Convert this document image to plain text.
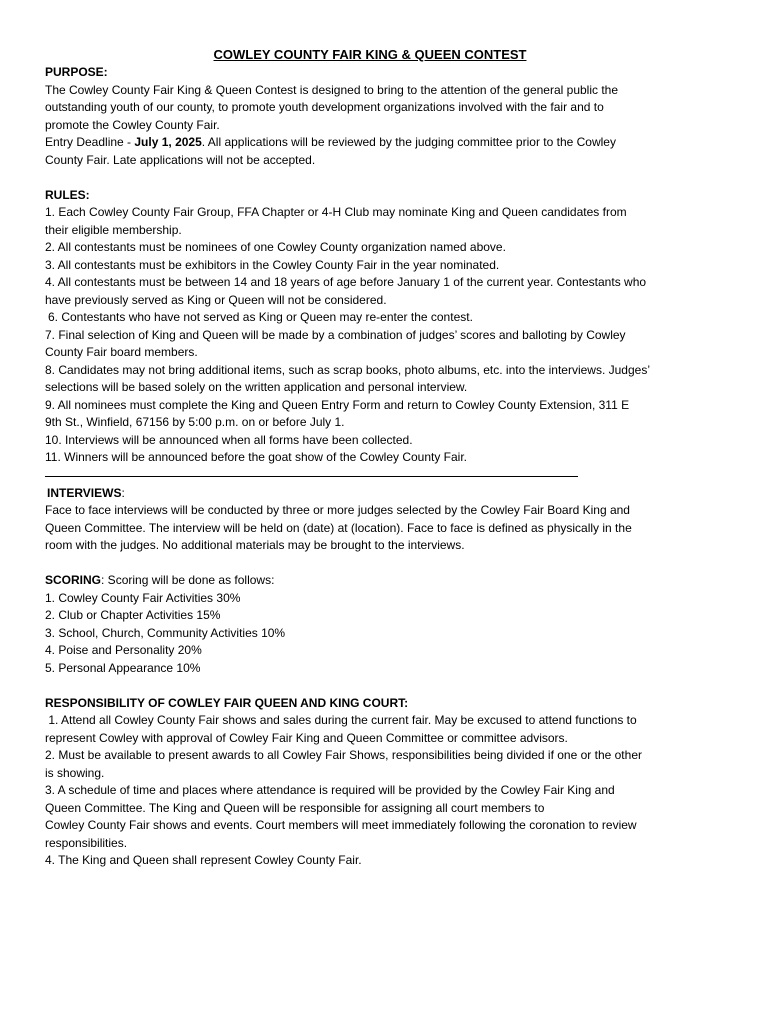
COWLEY COUNTY FAIR KING & QUEEN CONTEST
PURPOSE:
The Cowley County Fair King & Queen Contest is designed to bring to the attention of the general public the
outstanding youth of our county, to promote youth development organizations involved with the fair and to
promote the Cowley County Fair.
Entry Deadline - July 1, 2025. All applications will be reviewed by the judging committee prior to the Cowley
County Fair. Late applications will not be accepted.
RULES:
1. Each Cowley County Fair Group, FFA Chapter or 4-H Club may nominate King and Queen candidates from
their eligible membership.
2. All contestants must be nominees of one Cowley County organization named above.
3. All contestants must be exhibitors in the Cowley County Fair in the year nominated.
4. All contestants must be between 14 and 18 years of age before January 1 of the current year. Contestants who
have previously served as King or Queen will not be considered.
6. Contestants who have not served as King or Queen may re-enter the contest.
7. Final selection of King and Queen will be made by a combination of judges’ scores and balloting by Cowley
County Fair board members.
8. Candidates may not bring additional items, such as scrap books, photo albums, etc. into the interviews. Judges’
selections will be based solely on the written application and personal interview.
9. All nominees must complete the King and Queen Entry Form and return to Cowley County Extension, 311 E
9th St., Winfield, 67156 by 5:00 p.m. on or before July 1.
10. Interviews will be announced when all forms have been collected.
11. Winners will be announced before the goat show of the Cowley County Fair.
INTERVIEWS:
Face to face interviews will be conducted by three or more judges selected by the Cowley Fair Board King and
Queen Committee. The interview will be held on (date) at (location). Face to face is defined as physically in the
room with the judges. No additional materials may be brought to the interviews.
SCORING: Scoring will be done as follows:
1. Cowley County Fair Activities 30%
2. Club or Chapter Activities 15%
3. School, Church, Community Activities 10%
4. Poise and Personality 20%
5. Personal Appearance 10%
RESPONSIBILITY OF COWLEY FAIR QUEEN AND KING COURT:
1. Attend all Cowley County Fair shows and sales during the current fair. May be excused to attend functions to
represent Cowley with approval of Cowley Fair King and Queen Committee or committee advisors.
2. Must be available to present awards to all Cowley Fair Shows, responsibilities being divided if one or the other
is showing.
3. A schedule of time and places where attendance is required will be provided by the Cowley Fair King and
Queen Committee. The King and Queen will be responsible for assigning all court members to
Cowley County Fair shows and events. Court members will meet immediately following the coronation to review
responsibilities.
4. The King and Queen shall represent Cowley County Fair.
